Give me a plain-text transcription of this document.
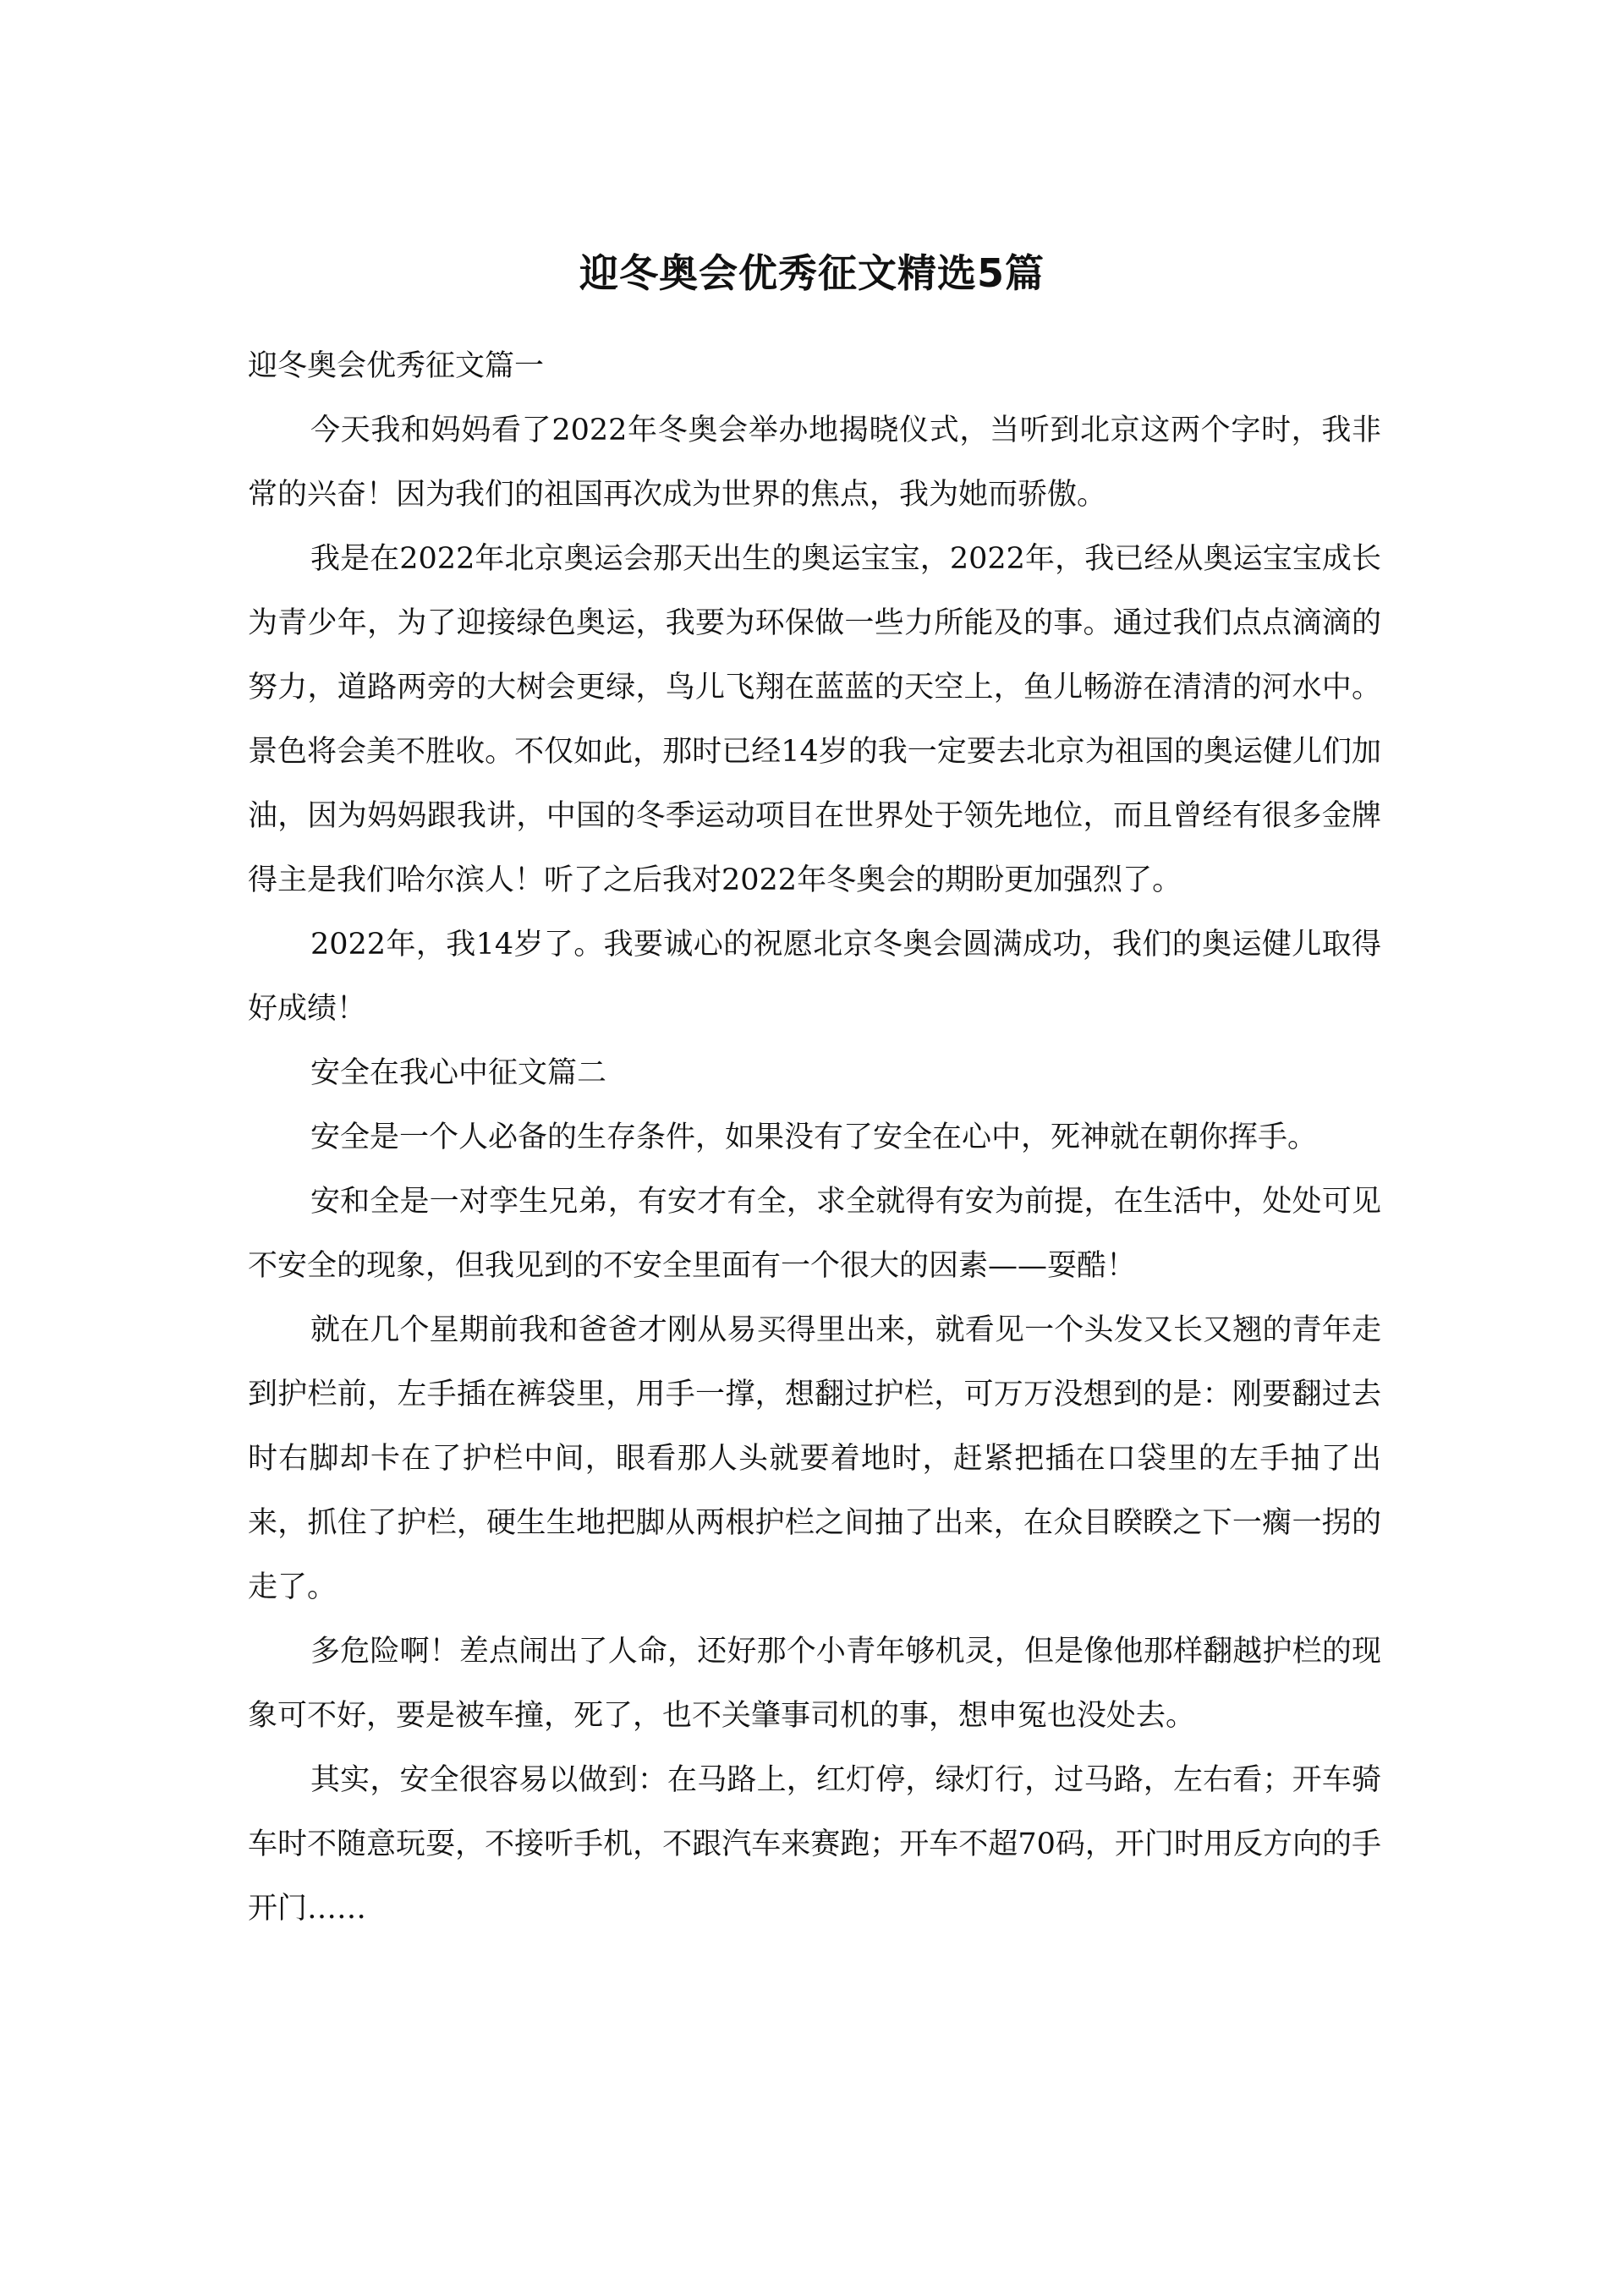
迎冬奥会优秀征文精选5篇

迎冬奥会优秀征文篇一

今天我和妈妈看了2022年冬奥会举办地揭晓仪式，当听到北京这两个字时，我非常的兴奋！因为我们的祖国再次成为世界的焦点，我为她而骄傲。

我是在2022年北京奥运会那天出生的奥运宝宝，2022年，我已经从奥运宝宝成长为青少年，为了迎接绿色奥运，我要为环保做一些力所能及的事。通过我们点点滴滴的努力，道路两旁的大树会更绿，鸟儿飞翔在蓝蓝的天空上，鱼儿畅游在清清的河水中。景色将会美不胜收。不仅如此，那时已经14岁的我一定要去北京为祖国的奥运健儿们加油，因为妈妈跟我讲，中国的冬季运动项目在世界处于领先地位，而且曾经有很多金牌得主是我们哈尔滨人！听了之后我对2022年冬奥会的期盼更加强烈了。

2022年，我14岁了。我要诚心的祝愿北京冬奥会圆满成功，我们的奥运健儿取得好成绩！

安全在我心中征文篇二

安全是一个人必备的生存条件，如果没有了安全在心中，死神就在朝你挥手。

安和全是一对孪生兄弟，有安才有全，求全就得有安为前提，在生活中，处处可见不安全的现象，但我见到的不安全里面有一个很大的因素——耍酷！

就在几个星期前我和爸爸才刚从易买得里出来，就看见一个头发又长又翘的青年走到护栏前，左手插在裤袋里，用手一撑，想翻过护栏，可万万没想到的是：刚要翻过去时右脚却卡在了护栏中间，眼看那人头就要着地时，赶紧把插在口袋里的左手抽了出来，抓住了护栏，硬生生地把脚从两根护栏之间抽了出来，在众目睽睽之下一瘸一拐的走了。

多危险啊！差点闹出了人命，还好那个小青年够机灵，但是像他那样翻越护栏的现象可不好，要是被车撞，死了，也不关肇事司机的事，想申冤也没处去。

其实，安全很容易以做到：在马路上，红灯停，绿灯行，过马路，左右看；开车骑车时不随意玩耍，不接听手机，不跟汽车来赛跑；开车不超70码，开门时用反方向的手开门……
